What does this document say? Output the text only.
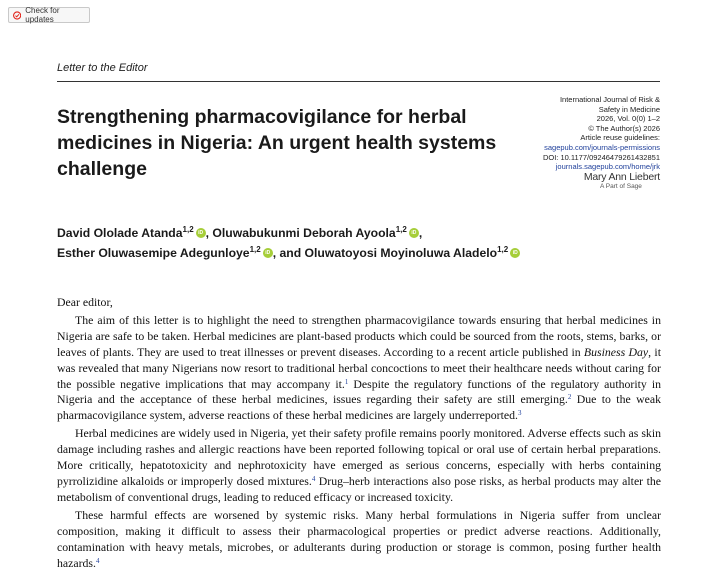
Check for updates
Letter to the Editor
Strengthening pharmacovigilance for herbal medicines in Nigeria: An urgent health systems challenge
International Journal of Risk &
Safety in Medicine
2026, Vol. 0(0) 1–2
© The Author(s) 2026
Article reuse guidelines:
sagepub.com/journals-permissions
DOI: 10.1177/09246479261432851
journals.sagepub.com/home/jrk
Mary Ann Liebert
A Part of Sage
David Ololade Atanda$^{1,2}$ iD , Oluwabukunmi Deborah Ayoola$^{1,2}$ iD ,
Esther Oluwasemipe Adegunloye$^{1,2}$ iD , and Oluwatoyosi Moyinoluwa Aladelo$^{1,2}$iD

Dear editor,

The aim of this letter is to highlight the need to strengthen pharmacovigilance towards ensuring that herbal medicines in Nigeria are safe to be taken. Herbal medicines are plant-based products which could be sourced from the roots, stems, barks, or leaves of plants. They are used to treat illnesses or prevent diseases. According to a recent article published in Business Day, it was revealed that many Nigerians now resort to traditional herbal concoctions to meet their healthcare needs without caring for the possible negative implications that may accompany it.$^1$ Despite the regulatory functions of the regulatory authority in Nigeria and the acceptance of these herbal medicines, issues regarding their safety are still emerging.$^2$ Due to the weak pharmacovigilance system, adverse reactions of these herbal medicines are largely underreported.$^3$

Herbal medicines are widely used in Nigeria, yet their safety profile remains poorly monitored. Adverse effects such as skin damage including rashes and allergic reactions have been reported following topical or oral use of certain herbal preparations. More critically, hepatotoxicity and nephrotoxicity have emerged as serious concerns, especially with herbs containing pyrrolizidine alkaloids or improperly dosed mixtures.$^4$ Drug–herb interactions also pose risks, as herbal products may alter the metabolism of conventional drugs, leading to reduced efficacy or increased toxicity.

These harmful effects are worsened by systemic risks. Many herbal formulations in Nigeria suffer from unclear composition, making it difficult to assess their pharmacological properties or predict adverse reactions. Additionally, contamination with heavy metals, microbes, or adulterants during production or storage is common, posing further health hazards.$^4$
